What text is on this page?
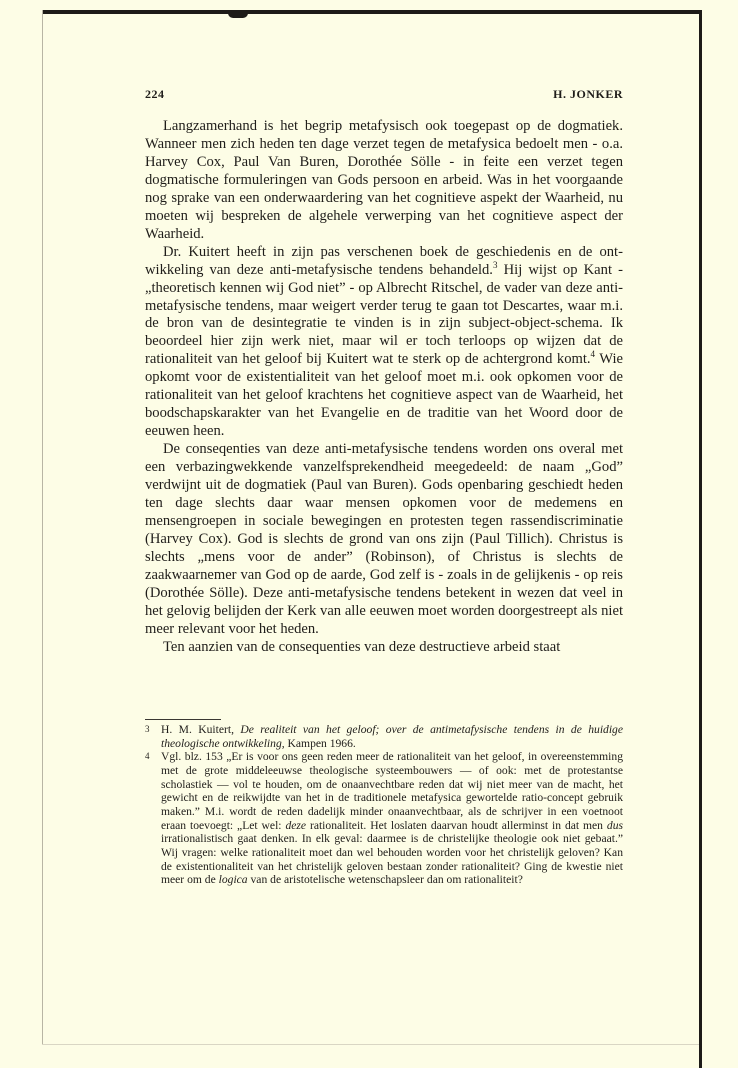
224	H. JONKER

Langzamerhand is het begrip metafysisch ook toegepast op de dogmatiek. Wanneer men zich heden ten dage verzet tegen de metafysica bedoelt men - o.a. Harvey Cox, Paul Van Buren, Dorothée Sölle - in feite een verzet tegen dogmatische formuleringen van Gods persoon en arbeid. Was in het voorgaande nog sprake van een onderwaardering van het cognitieve aspekt der Waarheid, nu moeten wij bespreken de algehele verwerping van het cognitieve aspect der Waarheid.

Dr. Kuitert heeft in zijn pas verschenen boek de geschiedenis en de ontwikkeling van deze anti-metafysische tendens behandeld.$^3$ Hij wijst op Kant - „theoretisch kennen wij God niet” - op Albrecht Ritschel, de vader van deze anti-metafysische tendens, maar weigert verder terug te gaan tot Descartes, waar m.i. de bron van de desintegratie te vinden is in zijn subject-object-schema. Ik beoordeel hier zijn werk niet, maar wil er toch terloops op wijzen dat de rationaliteit van het geloof bij Kuitert wat te sterk op de achtergrond komt.$^4$ Wie opkomt voor de existentialiteit van het geloof moet m.i. ook opkomen voor de rationaliteit van het geloof krachtens het cognitieve aspect van de Waarheid, het boodschapskarakter van het Evangelie en de traditie van het Woord door de eeuwen heen.

De conseqenties van deze anti-metafysische tendens worden ons overal met een verbazingwekkende vanzelfsprekendheid meegedeeld: de naam „God” verdwijnt uit de dogmatiek (Paul van Buren). Gods openbaring geschiedt heden ten dage slechts daar waar mensen opkomen voor de medemens en mensengroepen in sociale bewegingen en protesten tegen rassendiscriminatie (Harvey Cox). God is slechts de grond van ons zijn (Paul Tillich). Christus is slechts „mens voor de ander” (Robinson), of Christus is slechts de zaakwaarnemer van God op de aarde, God zelf is - zoals in de gelijkenis - op reis (Dorothée Sölle). Deze anti-metafysische tendens betekent in wezen dat veel in het gelovig belijden der Kerk van alle eeuwen moet worden doorgestreept als niet meer relevant voor het heden.

Ten aanzien van de consequenties van deze destructieve arbeid staat

3 H. M. Kuitert, De realiteit van het geloof; over de antimetafysische tendens in de huidige theologische ontwikkeling, Kampen 1966.
4 Vgl. blz. 153 „Er is voor ons geen reden meer de rationaliteit van het geloof, in overeenstemming met de grote middeleeuwse theologische systeembouwers — of ook: met de protestantse scholastiek — vol te houden, om de onaanvechtbare reden dat wij niet meer van de macht, het gewicht en de reikwijdte van het in de traditionele metafysica gewortelde ratio-concept gebruik maken.” M.i. wordt de reden dadelijk minder onaanvechtbaar, als de schrijver in een voetnoot eraan toevoegt: „Let wel: deze rationaliteit. Het loslaten daarvan houdt allerminst in dat men dus irrationalistisch gaat denken. In elk geval: daarmee is de christelijke theologie ook niet gebaat.” Wij vragen: welke rationaliteit moet dan wel behouden worden voor het christelijk geloven? Kan de existentionaliteit van het christelijk geloven bestaan zonder rationaliteit? Ging de kwestie niet meer om de logica van de aristotelische wetenschapsleer dan om rationaliteit?
